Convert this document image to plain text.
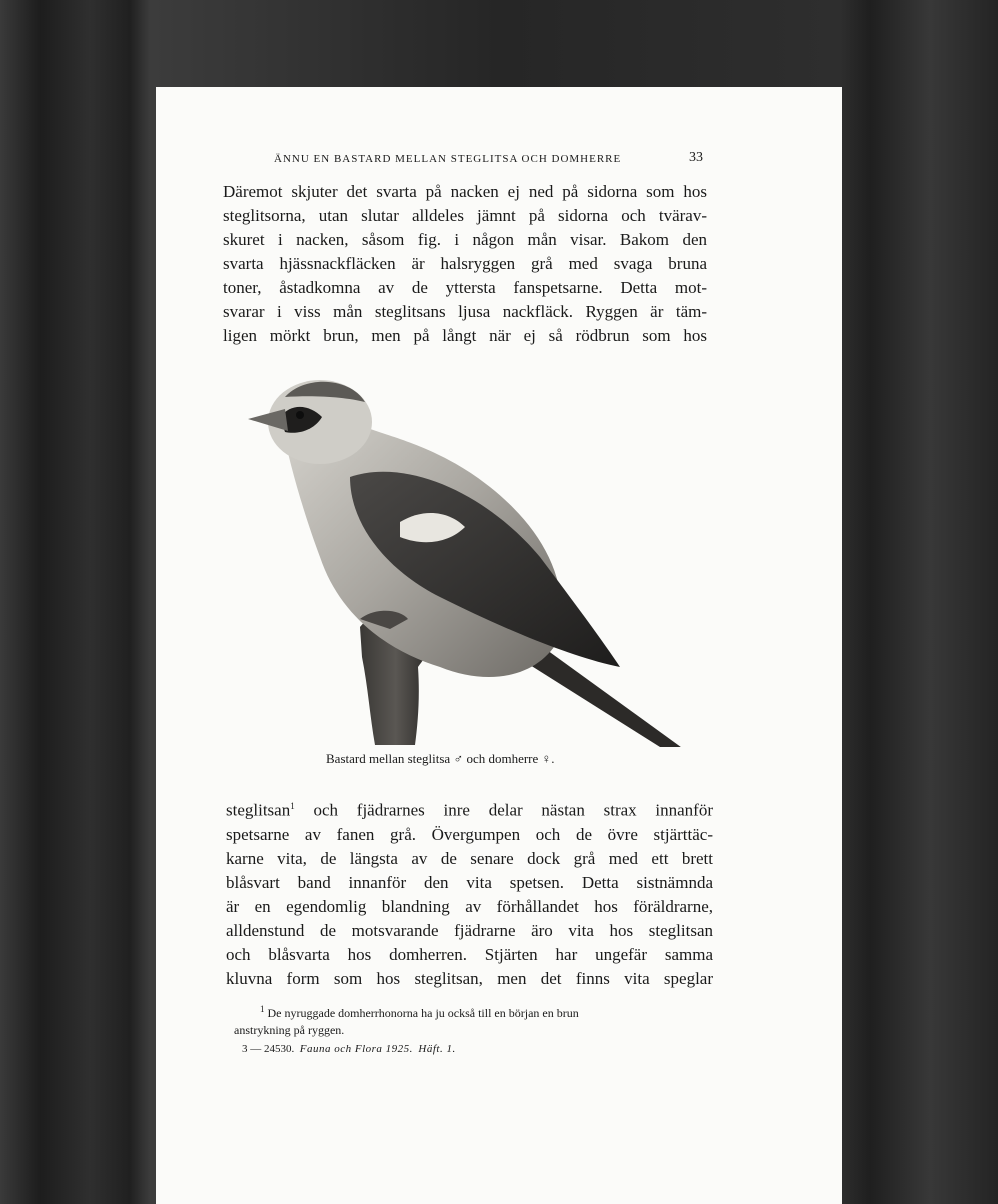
ÄNNU EN BASTARD MELLAN STEGLITSA OCH DOMHERRE	33

Däremot skjuter det svarta på nacken ej ned på sidorna som hos
steglitsorna, utan slutar alldeles jämnt på sidorna och tvärav-
skuret i nacken, såsom fig. i någon mån visar. Bakom den
svarta hjässnackfläcken är halsryggen grå med svaga bruna
toner, åstadkomna av de yttersta fanspetsarne. Detta mot-
svarar i viss mån steglitsans ljusa nackfläck. Ryggen är täm-
ligen mörkt brun, men på långt när ej så rödbrun som hos

Bastard mellan steglitsa ♂ och domherre ♀.

steglitsan$^1$ och fjädrarnes inre delar nästan strax innanför
spetsarne av fanen grå. Övergumpen och de övre stjärttäc-
karne vita, de längsta av de senare dock grå med ett brett
blåsvart band innanför den vita spetsen. Detta sistnämnda
är en egendomlig blandning av förhållandet hos föräldrarne,
alldenstund de motsvarande fjädrarne äro vita hos steglitsan
och blåsvarta hos domherren. Stjärten har ungefär samma
kluvna form som hos steglitsan, men det finns vita speglar

$^1$ De nyruggade domherrhonorna ha ju också till en början en brun
anstrykning på ryggen.
3 — 24530. Fauna och Flora 1925. Häft. 1.
